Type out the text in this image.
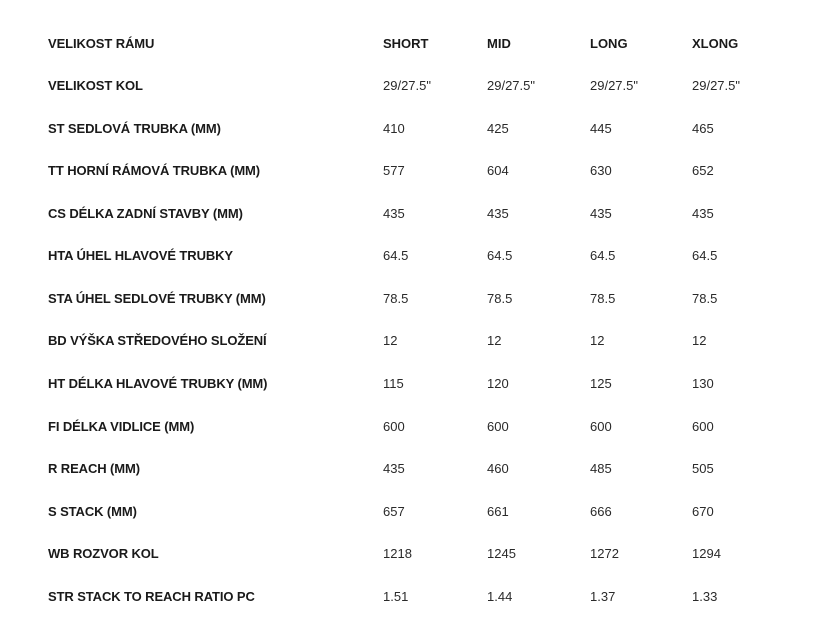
VELIKOST RÁMU	SHORT	MID	LONG	XLONG
VELIKOST KOL	29/27.5"	29/27.5"	29/27.5"	29/27.5"
ST SEDLOVÁ TRUBKA (MM)	410	425	445	465
TT HORNÍ RÁMOVÁ TRUBKA (MM)	577	604	630	652
CS DÉLKA ZADNÍ STAVBY (MM)	435	435	435	435
HTA ÚHEL HLAVOVÉ TRUBKY	64.5	64.5	64.5	64.5
STA ÚHEL SEDLOVÉ TRUBKY (MM)	78.5	78.5	78.5	78.5
BD VÝŠKA STŘEDOVÉHO SLOŽENÍ	12	12	12	12
HT DÉLKA HLAVOVÉ TRUBKY (MM)	115	120	125	130
FI DÉLKA VIDLICE (MM)	600	600	600	600
R REACH (MM)	435	460	485	505
S STACK (MM)	657	661	666	670
WB ROZVOR KOL	1218	1245	1272	1294
STR STACK TO REACH RATIO PC	1.51	1.44	1.37	1.33
